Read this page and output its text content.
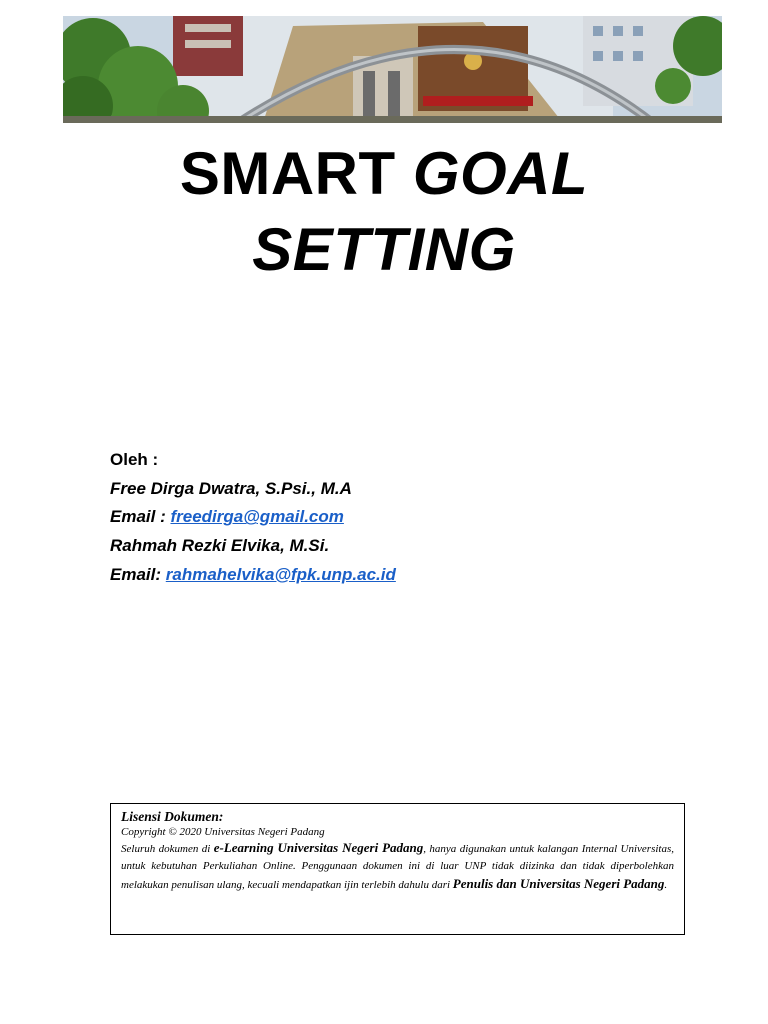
SMART GOAL
SETTING
Oleh :
Free Dirga Dwatra, S.Psi., M.A
Email : freedirga@gmail.com
Rahmah Rezki Elvika, M.Si.
Email: rahmahelvika@fpk.unp.ac.id
Lisensi Dokumen:
Copyright © 2020 Universitas Negeri Padang
Seluruh dokumen di e-Learning Universitas Negeri Padang, hanya digunakan untuk kalangan Internal Universitas, untuk kebutuhan Perkuliahan Online. Penggunaan dokumen ini di luar UNP tidak diizinka dan tidak diperbolehkan melakukan penulisan ulang, kecuali mendapatkan ijin terlebih dahulu dari Penulis dan Universitas Negeri Padang.
